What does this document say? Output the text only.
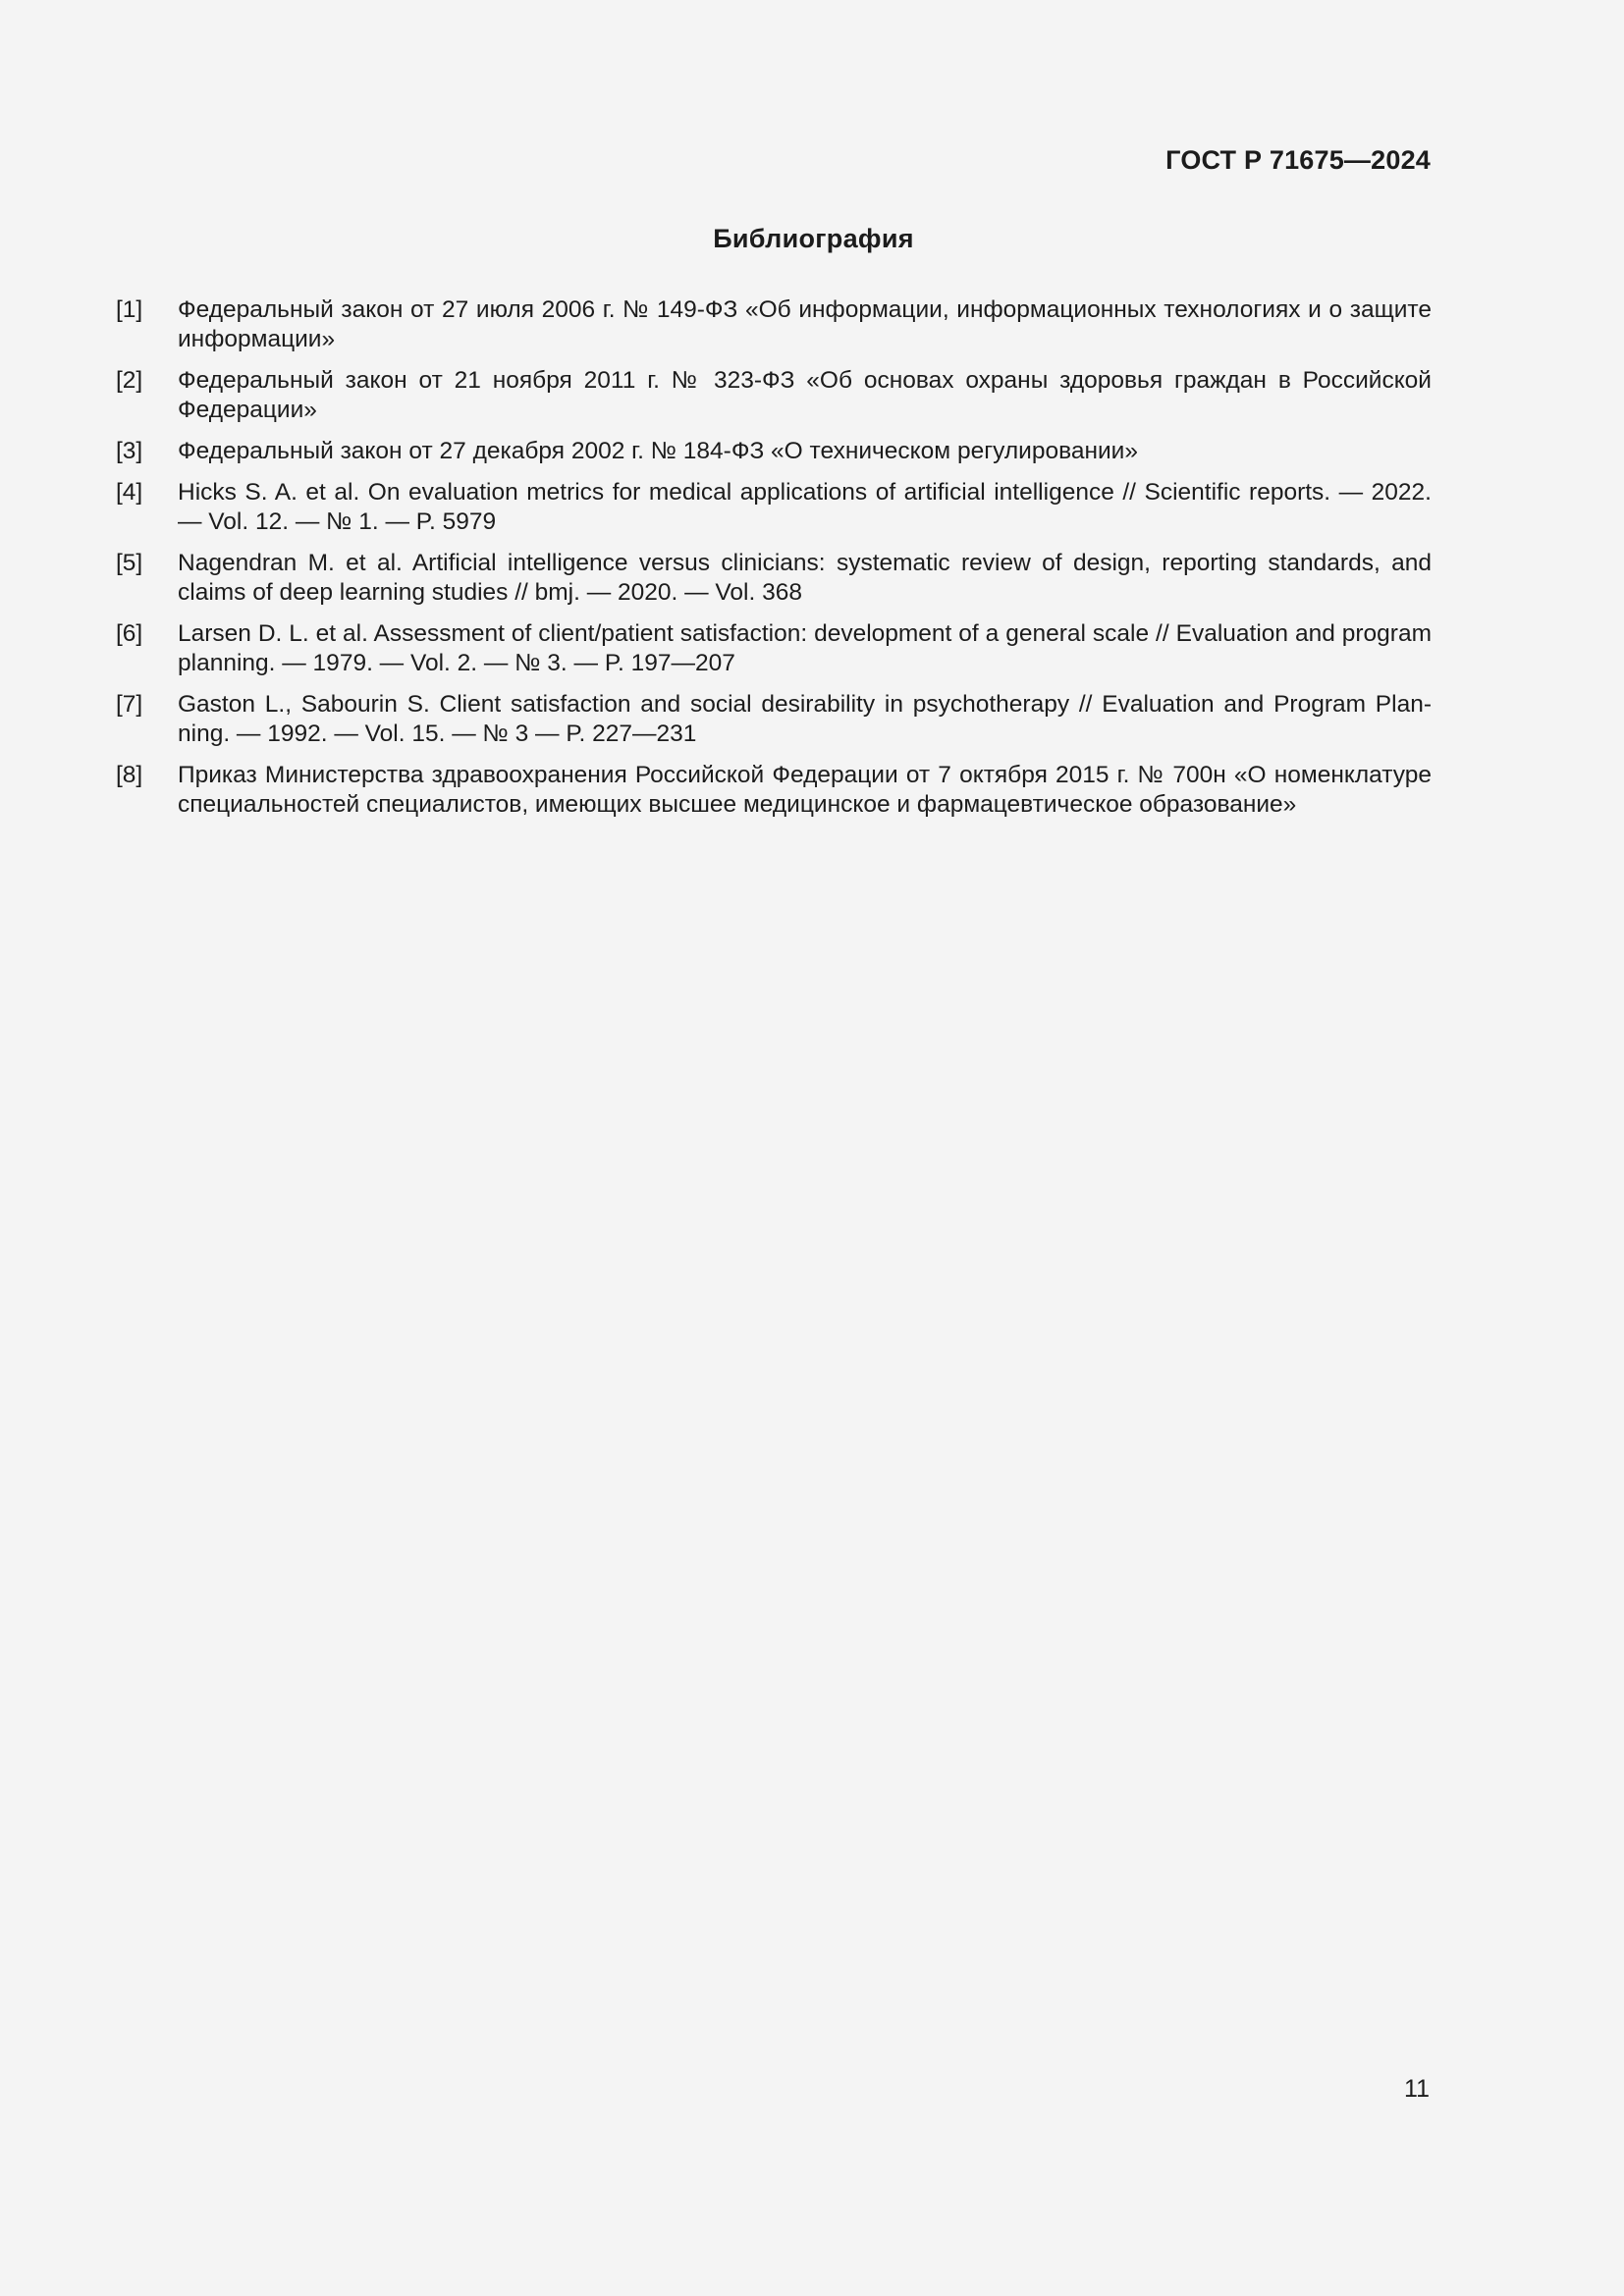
ГОСТ Р 71675—2024
Библиография
[1]	Федеральный закон от 27 июля 2006 г. № 149-ФЗ «Об информации, информационных технологиях и о защите информации»
[2]	Федеральный закон от 21 ноября 2011 г. № 323-ФЗ «Об основах охраны здоровья граждан в Российской Федерации»
[3]	Федеральный закон от 27 декабря 2002 г. № 184-ФЗ «О техническом регулировании»
[4]	Hicks S. A. et al. On evaluation metrics for medical applications of artificial intelligence // Scientific reports. — 2022. — Vol. 12. — № 1. — P. 5979
[5]	Nagendran M. et al. Artificial intelligence versus clinicians: systematic review of design, reporting standards, and claims of deep learning studies // bmj. — 2020. — Vol. 368
[6]	Larsen D. L. et al. Assessment of client/patient satisfaction: development of a general scale // Evaluation and program planning. — 1979. — Vol. 2. — № 3. — P. 197—207
[7]	Gaston L., Sabourin S. Client satisfaction and social desirability in psychotherapy // Evaluation and Program Planning. — 1992. — Vol. 15. — № 3 — P. 227—231
[8]	Приказ Министерства здравоохранения Российской Федерации от 7 октября 2015 г. № 700н «О номенклатуре специальностей специалистов, имеющих высшее медицинское и фармацевтическое образование»
11
